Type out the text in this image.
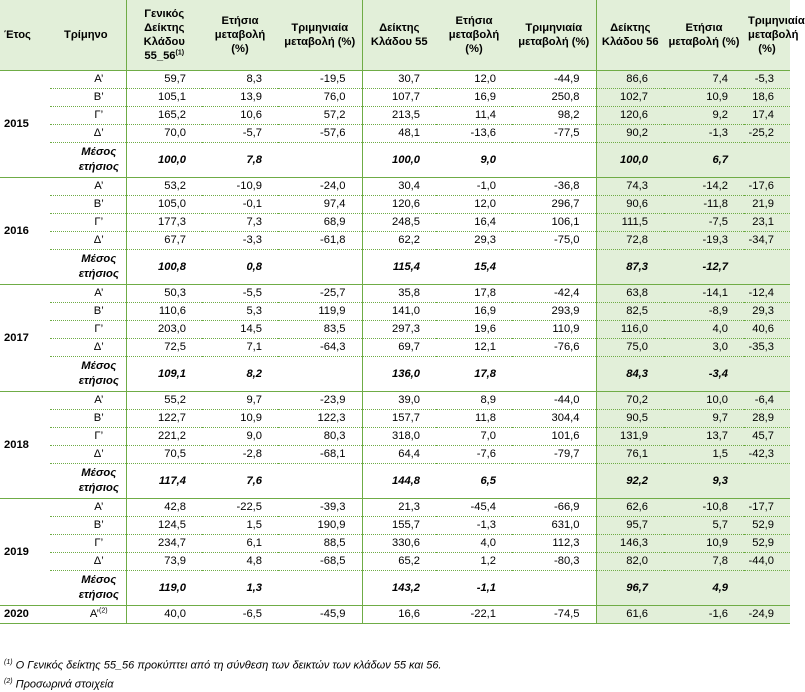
Έτος	Τρίμηνο	Γενικός Δείκτης Κλάδου 55_56$^{(1)}$	Ετήσια μεταβολή (%)	Τριμηνιαία μεταβολή (%)	Δείκτης Κλάδου 55	Ετήσια μεταβολή (%)	Τριμηνιαία μεταβολή (%)	Δείκτης Κλάδου 56	Ετήσια μεταβολή (%)	Τριμηνιαία μεταβολή (%)
2015	Α’	59,7	8,3	-19,5	30,7	12,0	-44,9	86,6	7,4	-5,3
	Β’	105,1	13,9	76,0	107,7	16,9	250,8	102,7	10,9	18,6
	Γ’	165,2	10,6	57,2	213,5	11,4	98,2	120,6	9,2	17,4
	Δ’	70,0	-5,7	-57,6	48,1	-13,6	-77,5	90,2	-1,3	-25,2
	Μέσος ετήσιος	100,0	7,8		100,0	9,0		100,0	6,7	
2016	Α’	53,2	-10,9	-24,0	30,4	-1,0	-36,8	74,3	-14,2	-17,6
	Β’	105,0	-0,1	97,4	120,6	12,0	296,7	90,6	-11,8	21,9
	Γ’	177,3	7,3	68,9	248,5	16,4	106,1	111,5	-7,5	23,1
	Δ’	67,7	-3,3	-61,8	62,2	29,3	-75,0	72,8	-19,3	-34,7
	Μέσος ετήσιος	100,8	0,8		115,4	15,4		87,3	-12,7	
2017	Α’	50,3	-5,5	-25,7	35,8	17,8	-42,4	63,8	-14,1	-12,4
	Β’	110,6	5,3	119,9	141,0	16,9	293,9	82,5	-8,9	29,3
	Γ’	203,0	14,5	83,5	297,3	19,6	110,9	116,0	4,0	40,6
	Δ’	72,5	7,1	-64,3	69,7	12,1	-76,6	75,0	3,0	-35,3
	Μέσος ετήσιος	109,1	8,2		136,0	17,8		84,3	-3,4	
2018	Α’	55,2	9,7	-23,9	39,0	8,9	-44,0	70,2	10,0	-6,4
	Β’	122,7	10,9	122,3	157,7	11,8	304,4	90,5	9,7	28,9
	Γ’	221,2	9,0	80,3	318,0	7,0	101,6	131,9	13,7	45,7
	Δ’	70,5	-2,8	-68,1	64,4	-7,6	-79,7	76,1	1,5	-42,3
	Μέσος ετήσιος	117,4	7,6		144,8	6,5		92,2	9,3	
2019	Α’	42,8	-22,5	-39,3	21,3	-45,4	-66,9	62,6	-10,8	-17,7
	Β’	124,5	1,5	190,9	155,7	-1,3	631,0	95,7	5,7	52,9
	Γ’	234,7	6,1	88,5	330,6	4,0	112,3	146,3	10,9	52,9
	Δ’	73,9	4,8	-68,5	65,2	1,2	-80,3	82,0	7,8	-44,0
	Μέσος ετήσιος	119,0	1,3		143,2	-1,1		96,7	4,9	
2020	Α’$^{(2)}$	40,0	-6,5	-45,9	16,6	-22,1	-74,5	61,6	-1,6	-24,9
$^{(1)}$ Ο Γενικός δείκτης 55_56 προκύπτει από τη σύνθεση των δεικτών των κλάδων 55 και 56.
$^{(2)}$ Προσωρινά στοιχεία
